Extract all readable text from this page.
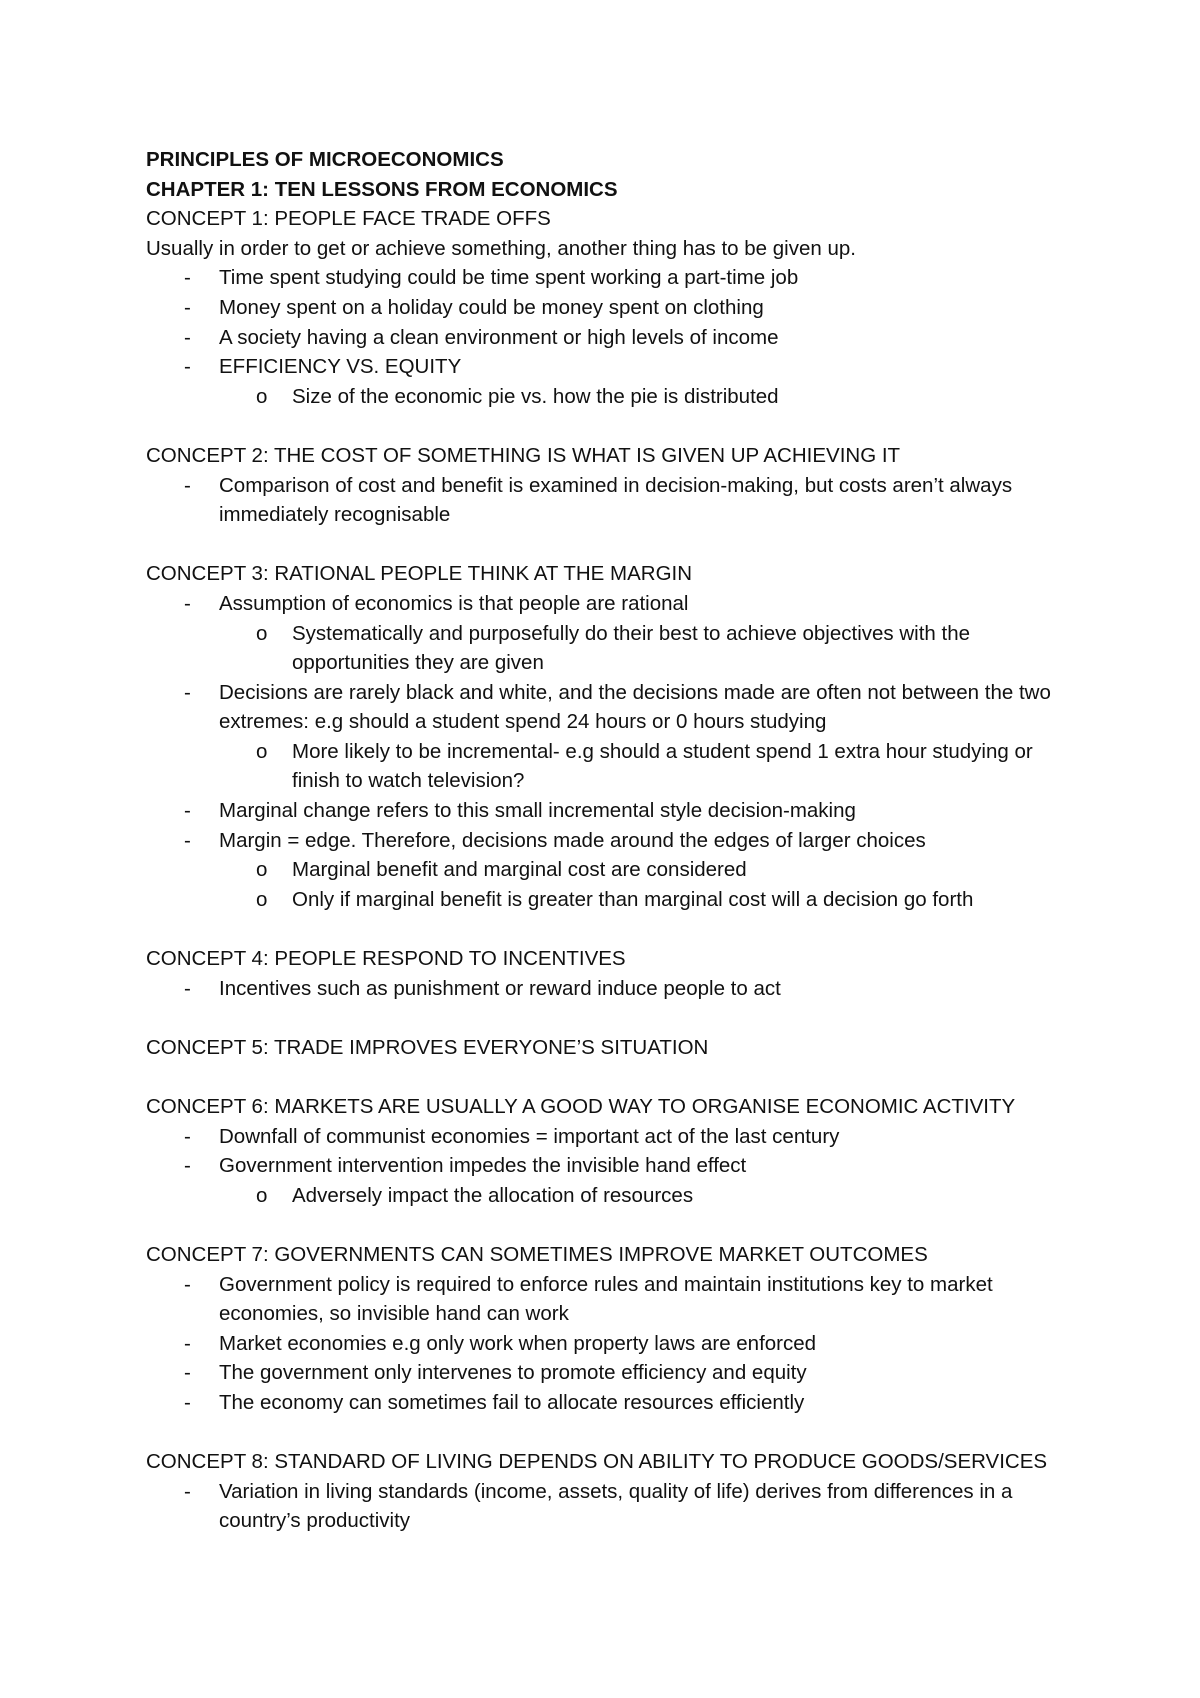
PRINCIPLES OF MICROECONOMICS
CHAPTER 1: TEN LESSONS FROM ECONOMICS
CONCEPT 1: PEOPLE FACE TRADE OFFS
Usually in order to get or achieve something, another thing has to be given up.
- Time spent studying could be time spent working a part-time job
- Money spent on a holiday could be money spent on clothing
- A society having a clean environment or high levels of income
- EFFICIENCY VS. EQUITY
o Size of the economic pie vs. how the pie is distributed
CONCEPT 2: THE COST OF SOMETHING IS WHAT IS GIVEN UP ACHIEVING IT
- Comparison of cost and benefit is examined in decision-making, but costs aren’t always immediately recognisable
CONCEPT 3: RATIONAL PEOPLE THINK AT THE MARGIN
- Assumption of economics is that people are rational
o Systematically and purposefully do their best to achieve objectives with the opportunities they are given
- Decisions are rarely black and white, and the decisions made are often not between the two extremes: e.g should a student spend 24 hours or 0 hours studying
o More likely to be incremental- e.g should a student spend 1 extra hour studying or finish to watch television?
- Marginal change refers to this small incremental style decision-making
- Margin = edge. Therefore, decisions made around the edges of larger choices
o Marginal benefit and marginal cost are considered
o Only if marginal benefit is greater than marginal cost will a decision go forth
CONCEPT 4: PEOPLE RESPOND TO INCENTIVES
- Incentives such as punishment or reward induce people to act
CONCEPT 5: TRADE IMPROVES EVERYONE’S SITUATION
CONCEPT 6: MARKETS ARE USUALLY A GOOD WAY TO ORGANISE ECONOMIC ACTIVITY
- Downfall of communist economies = important act of the last century
- Government intervention impedes the invisible hand effect
o Adversely impact the allocation of resources
CONCEPT 7: GOVERNMENTS CAN SOMETIMES IMPROVE MARKET OUTCOMES
- Government policy is required to enforce rules and maintain institutions key to market economies, so invisible hand can work
- Market economies e.g only work when property laws are enforced
- The government only intervenes to promote efficiency and equity
- The economy can sometimes fail to allocate resources efficiently
CONCEPT 8: STANDARD OF LIVING DEPENDS ON ABILITY TO PRODUCE GOODS/SERVICES
- Variation in living standards (income, assets, quality of life) derives from differences in a country’s productivity
